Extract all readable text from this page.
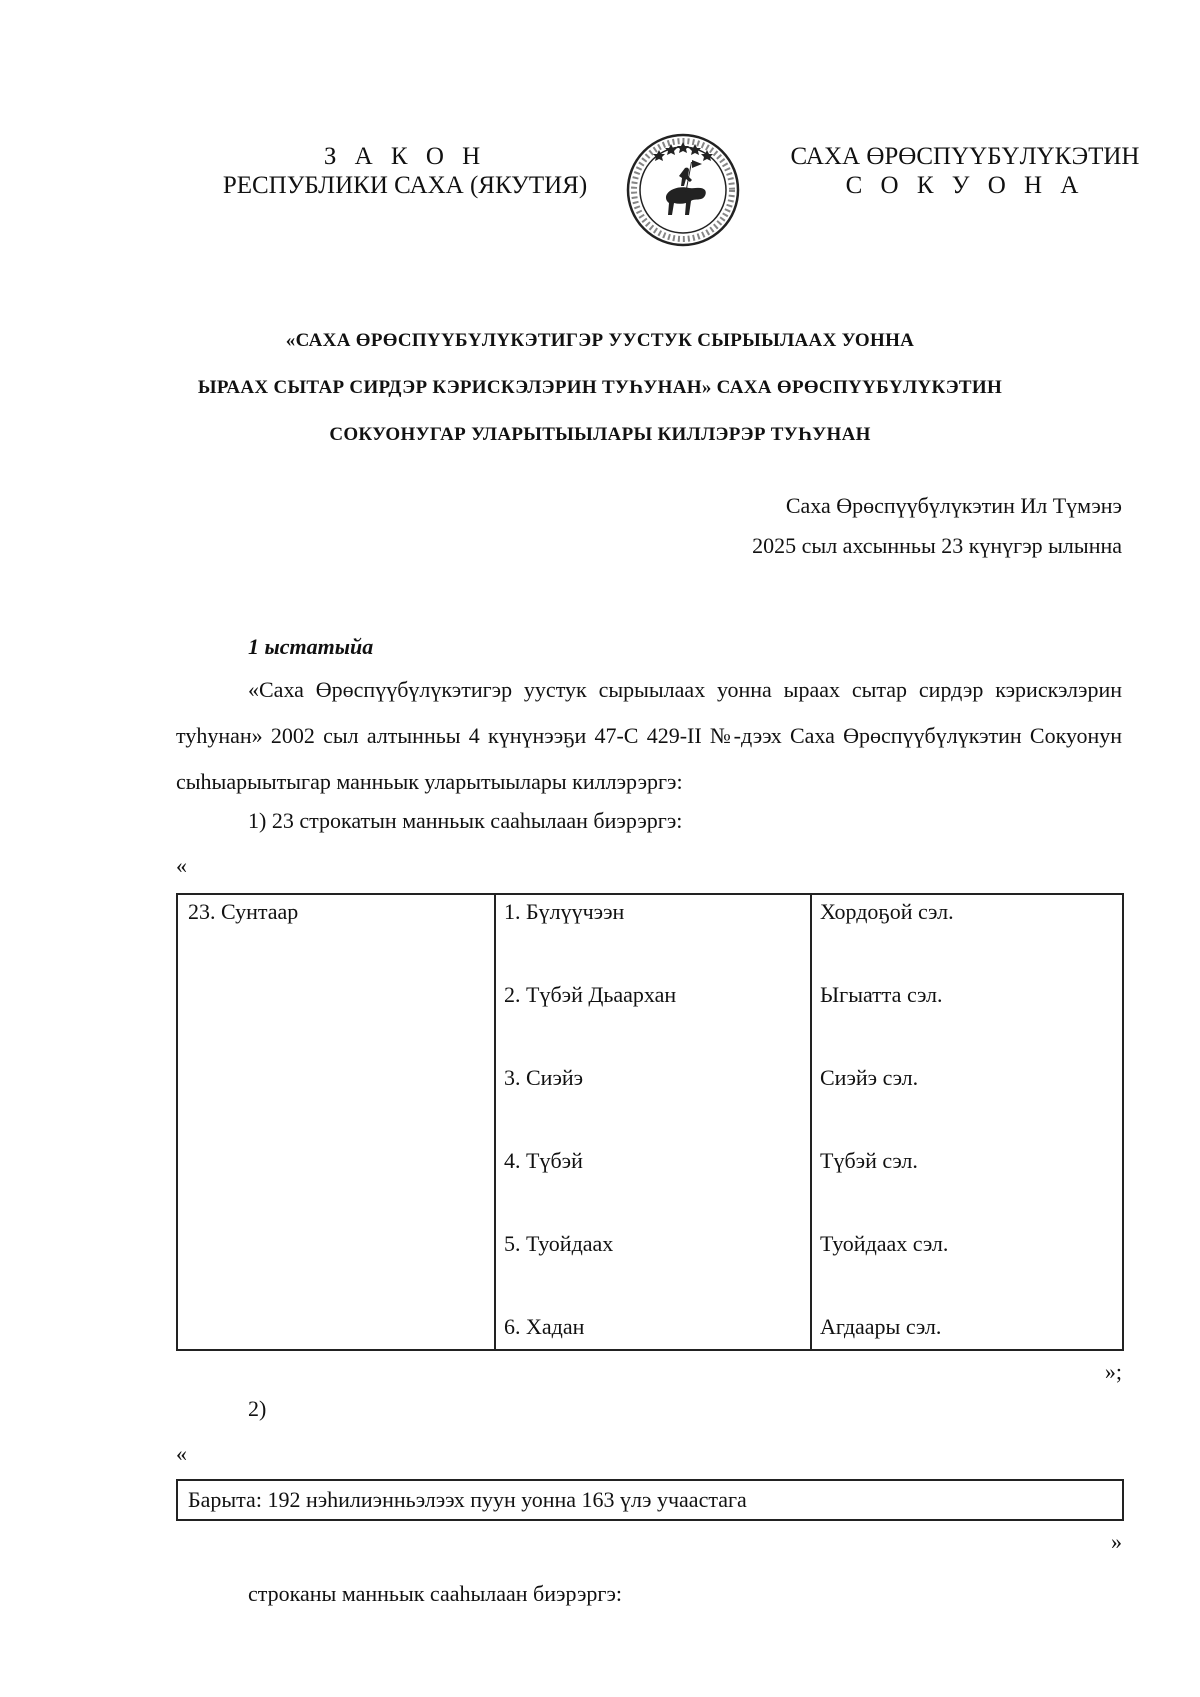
З А К О Н
РЕСПУБЛИКИ САХА (ЯКУТИЯ)
САХА ӨРӨСПҮҮБҮЛҮКЭТИН
С О К У О Н А
«САХА ӨРӨСПҮҮБҮЛҮКЭТИГЭР УУСТУК СЫРЫЫЛААХ УОННА
ЫРААХ СЫТАР СИРДЭР КЭРИСКЭЛЭРИН ТУҺУНАН» САХА ӨРӨСПҮҮБҮЛҮКЭТИН
СОКУОНУГАР УЛАРЫТЫЫЛАРЫ КИЛЛЭРЭР ТУҺУНАН
Саха Өрөспүүбүлүкэтин Ил Түмэнэ
2025 сыл ахсынньы 23 күнүгэр ылынна
1 ыстатыйа
«Саха Өрөспүүбүлүкэтигэр уустук сырыылаах уонна ыраах сытар сирдэр кэрискэлэрин туһунан» 2002 сыл алтынньы 4 күнүнээҕи 47-С 429-II №-дээх Саха Өрөспүүбүлүкэтин Сокуонун сыһыарыытыгар манньык уларытыылары киллэрэргэ:
1) 23 строкатын манньык сааһылаан биэрэргэ:
«
23. Сунтаар	1. Бүлүүчээн	Хордоҕой сэл.
2. Түбэй Дьаархан	Ыгыатта сэл.
3. Сиэйэ	Сиэйэ сэл.
4. Түбэй	Түбэй сэл.
5. Туойдаах	Туойдаах сэл.
6. Хадан	Агдаары сэл.
»;
2)
«
Барыта: 192 нэһилиэнньэлээх пуун уонна 163 үлэ учаастага
»
строканы манньык сааһылаан биэрэргэ:
